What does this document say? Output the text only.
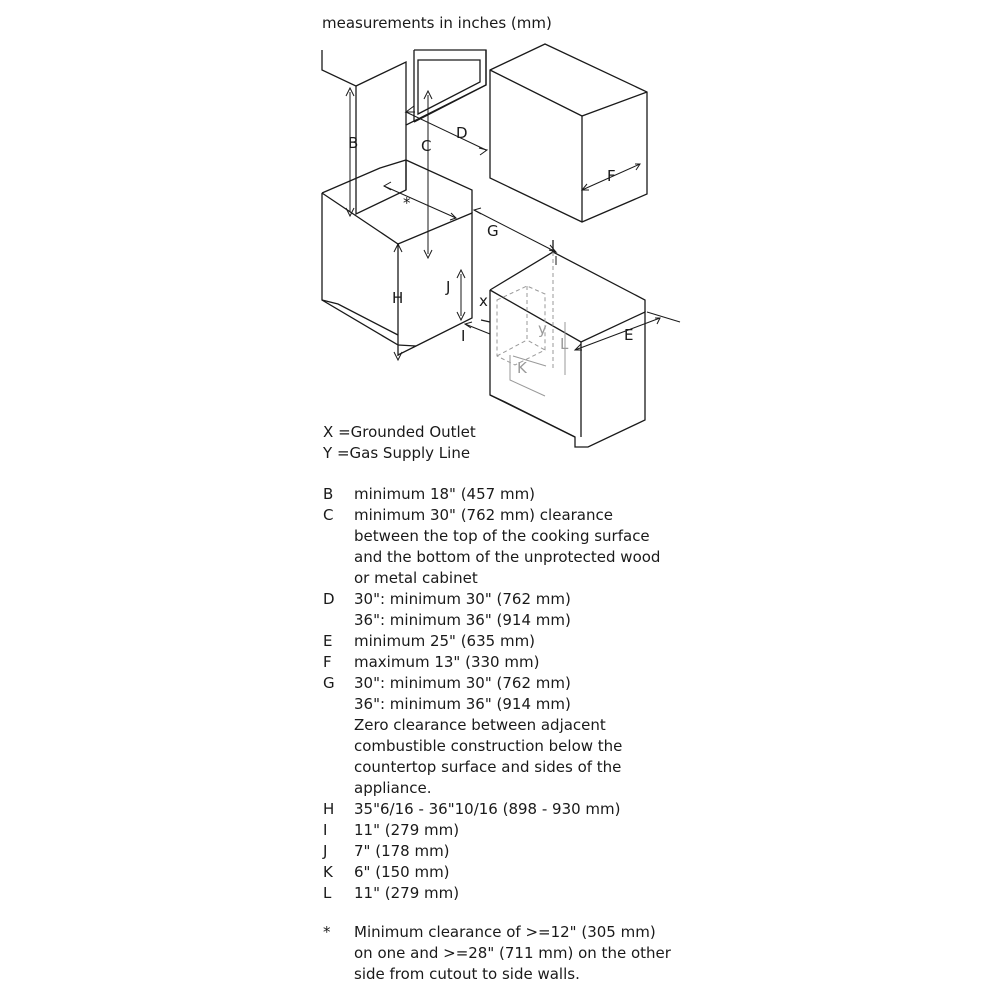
measurements in inches (mm)
B	C
D
F
*
G
H
J
x
I	E
y
L
K
X =Grounded Outlet
Y =Gas Supply Line
B	minimum 18" (457 mm)
C	minimum 30" (762 mm) clearance
between the top of the cooking surface
and the bottom of the unprotected wood
or metal cabinet
D	30": minimum 30" (762 mm)
36": minimum 36" (914 mm)
E	minimum 25" (635 mm)
F	maximum 13" (330 mm)
G	30": minimum 30" (762 mm)
36": minimum 36" (914 mm)
Zero clearance between adjacent
combustible construction below the
countertop surface and sides of the
appliance.
H	35"6/16 - 36"10/16 (898 - 930 mm)
I	11" (279 mm)
J	7" (178 mm)
K	6" (150 mm)
L	11" (279 mm)
*	Minimum clearance of >=12" (305 mm)
on one and >=28" (711 mm) on the other
side from cutout to side walls.
